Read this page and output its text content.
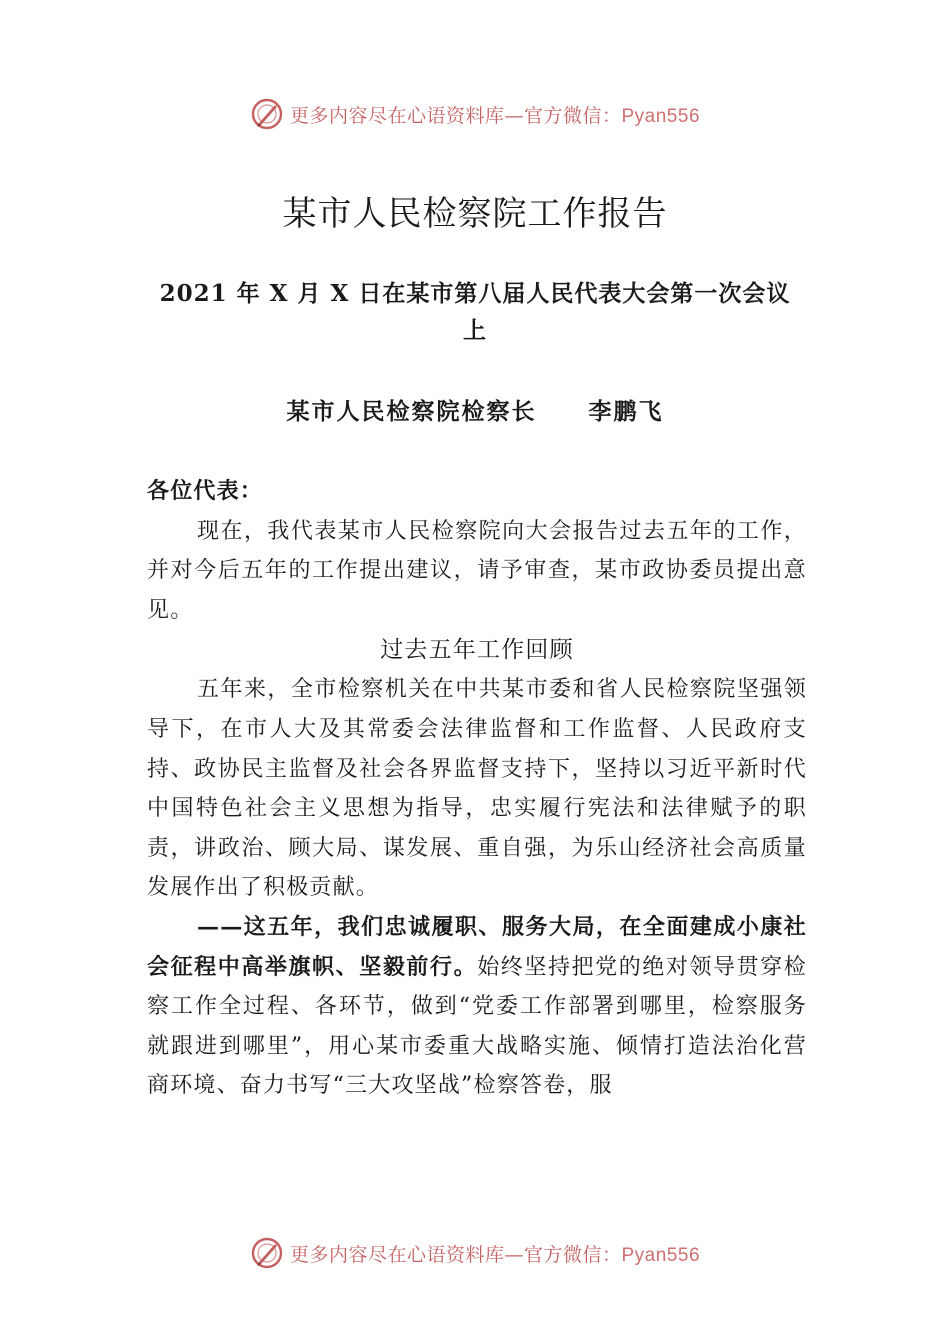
更多内容尽在心语资料库—官方微信：Pyan556
某市人民检察院工作报告

2021 年 X 月 X 日在某市第八届人民代表大会第一次会议上

某市人民检察院检察长 李鹏飞

各位代表：

现在，我代表某市人民检察院向大会报告过去五年的工作，并对今后五年的工作提出建议，请予审查，某市政协委员提出意见。

过去五年工作回顾

五年来，全市检察机关在中共某市委和省人民检察院坚强领导下，在市人大及其常委会法律监督和工作监督、人民政府支持、政协民主监督及社会各界监督支持下，坚持以习近平新时代中国特色社会主义思想为指导，忠实履行宪法和法律赋予的职责，讲政治、顾大局、谋发展、重自强，为乐山经济社会高质量发展作出了积极贡献。

——这五年，我们忠诚履职、服务大局，在全面建成小康社会征程中高举旗帜、坚毅前行。始终坚持把党的绝对领导贯穿检察工作全过程、各环节，做到“党委工作部署到哪里，检察服务就跟进到哪里”，用心某市委重大战略实施、倾情打造法治化营商环境、奋力书写“三大攻坚战”检察答卷，服

更多内容尽在心语资料库—官方微信：Pyan556
